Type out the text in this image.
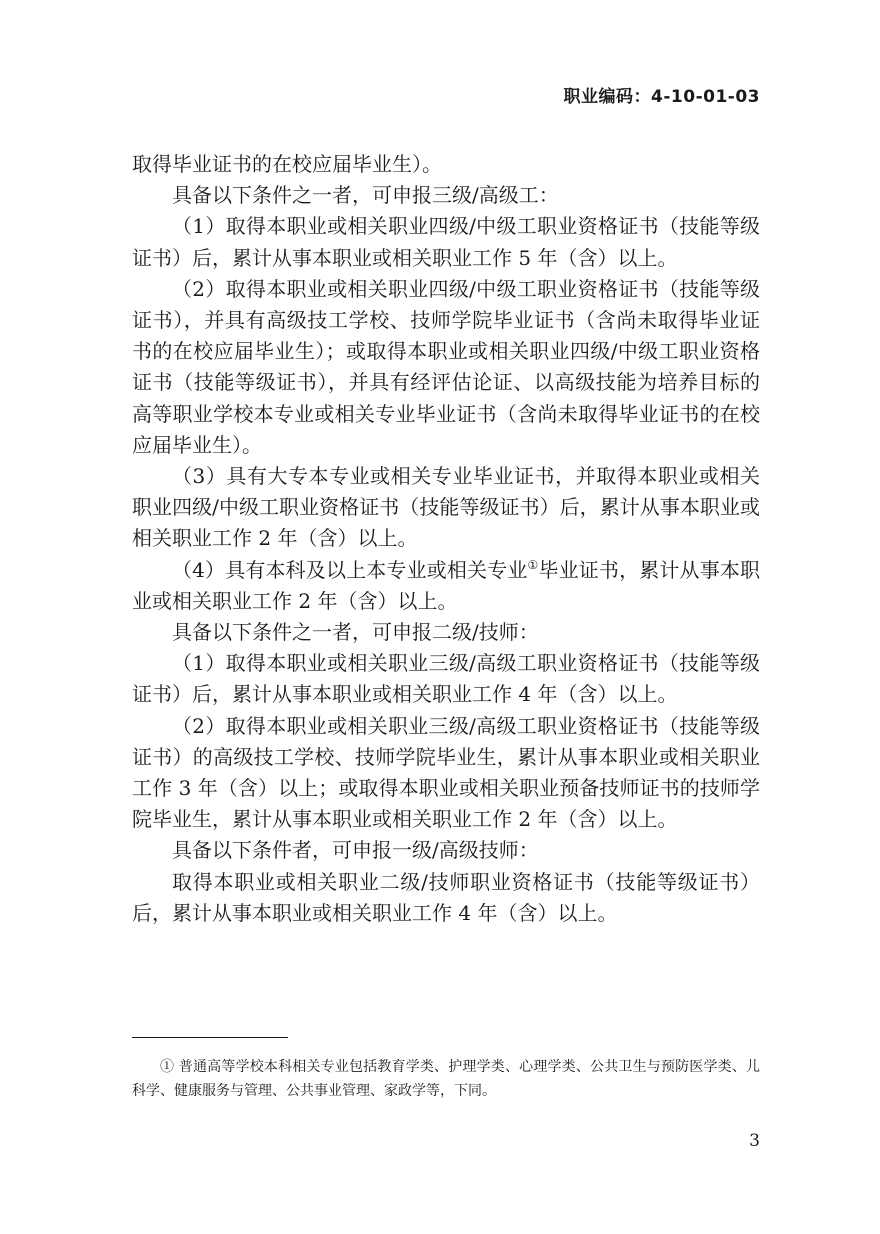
职业编码：4-10-01-03

取得毕业证书的在校应届毕业生）。

具备以下条件之一者，可申报三级/高级工：

（1）取得本职业或相关职业四级/中级工职业资格证书（技能等级证书）后，累计从事本职业或相关职业工作 5 年（含）以上。

（2）取得本职业或相关职业四级/中级工职业资格证书（技能等级证书），并具有高级技工学校、技师学院毕业证书（含尚未取得毕业证书的在校应届毕业生）；或取得本职业或相关职业四级/中级工职业资格证书（技能等级证书），并具有经评估论证、以高级技能为培养目标的高等职业学校本专业或相关专业毕业证书（含尚未取得毕业证书的在校应届毕业生）。

（3）具有大专本专业或相关专业毕业证书，并取得本职业或相关职业四级/中级工职业资格证书（技能等级证书）后，累计从事本职业或相关职业工作 2 年（含）以上。

（4）具有本科及以上本专业或相关专业①毕业证书，累计从事本职业或相关职业工作 2 年（含）以上。

具备以下条件之一者，可申报二级/技师：

（1）取得本职业或相关职业三级/高级工职业资格证书（技能等级证书）后，累计从事本职业或相关职业工作 4 年（含）以上。

（2）取得本职业或相关职业三级/高级工职业资格证书（技能等级证书）的高级技工学校、技师学院毕业生，累计从事本职业或相关职业工作 3 年（含）以上；或取得本职业或相关职业预备技师证书的技师学院毕业生，累计从事本职业或相关职业工作 2 年（含）以上。

具备以下条件者，可申报一级/高级技师：

取得本职业或相关职业二级/技师职业资格证书（技能等级证书）后，累计从事本职业或相关职业工作 4 年（含）以上。

① 普通高等学校本科相关专业包括教育学类、护理学类、心理学类、公共卫生与预防医学类、儿科学、健康服务与管理、公共事业管理、家政学等，下同。
3
